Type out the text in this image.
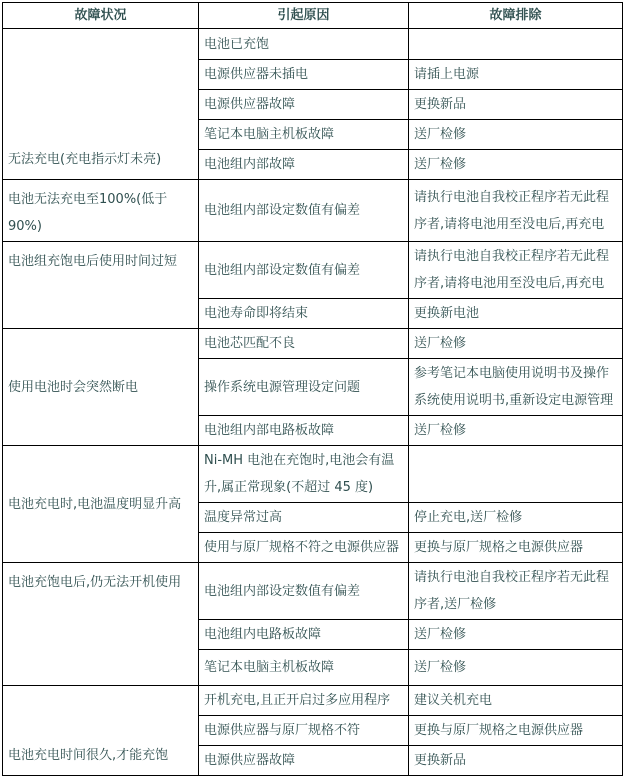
故障状况	引起原因	故障排除
无法充电(充电指示灯未亮)	电池已充饱	
	电源供应器未插电	请插上电源
	电源供应器故障	更换新品
	笔记本电脑主机板故障	送厂检修
	电池组内部故障	送厂检修
电池无法充电至100%(低于 90%)	电池组内部设定数值有偏差	请执行电池自我校正程序若无此程序者,请将电池用至没电后,再充电
电池组充饱电后使用时间过短	电池组内部设定数值有偏差	请执行电池自我校正程序若无此程序者,请将电池用至没电后,再充电
	电池寿命即将结束	更换新电池
使用电池时会突然断电	电池芯匹配不良	送厂检修
	操作系统电源管理设定问题	参考笔记本电脑使用说明书及操作系统使用说明书,重新设定电源管理
	电池组内部电路板故障	送厂检修
电池充电时,电池温度明显升高	Ni-MH 电池在充饱时,电池会有温升,属正常现象(不超过 45 度)	
	温度异常过高	停止充电,送厂检修
	使用与原厂规格不符之电源供应器	更换与原厂规格之电源供应器
电池充饱电后,仍无法开机使用	电池组内部设定数值有偏差	请执行电池自我校正程序若无此程序者,送厂检修
	电池组内电路板故障	送厂检修
	笔记本电脑主机板故障	送厂检修
电池充电时间很久,才能充饱	开机充电,且正开启过多应用程序	建议关机充电
	电源供应器与原厂规格不符	更换与原厂规格之电源供应器
	电源供应器故障	更换新品
